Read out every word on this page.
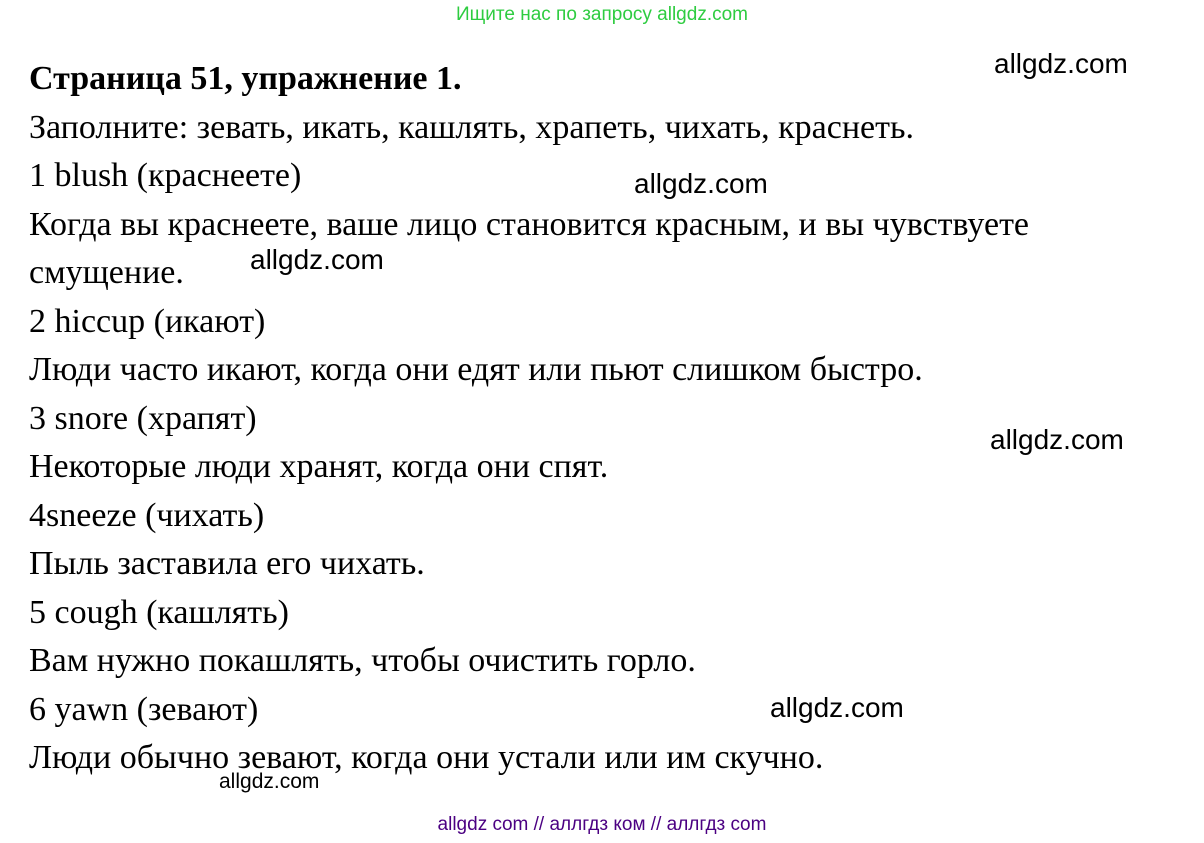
Ищите нас по запросу allgdz.com
Страница 51, упражнение 1.
Заполните: зевать, икать, кашлять, храпеть, чихать, краснеть.
1 blush (краснеете)
Когда вы краснеете, ваше лицо становится красным, и вы чувствуете
смущение.
2 hiccup (икают)
Люди часто икают, когда они едят или пьют слишком быстро.
3 snore (храпят)
Некоторые люди хранят, когда они спят.
4sneeze (чихать)
Пыль заставила его чихать.
5 cough (кашлять)
Вам нужно покашлять, чтобы очистить горло.
6 yawn (зевают)
Люди обычно зевают, когда они устали или им скучно.
allgdz.com
allgdz.com
allgdz.com
allgdz.com
allgdz.com
allgdz.com
allgdz com // аллгдз ком // аллгдз com
